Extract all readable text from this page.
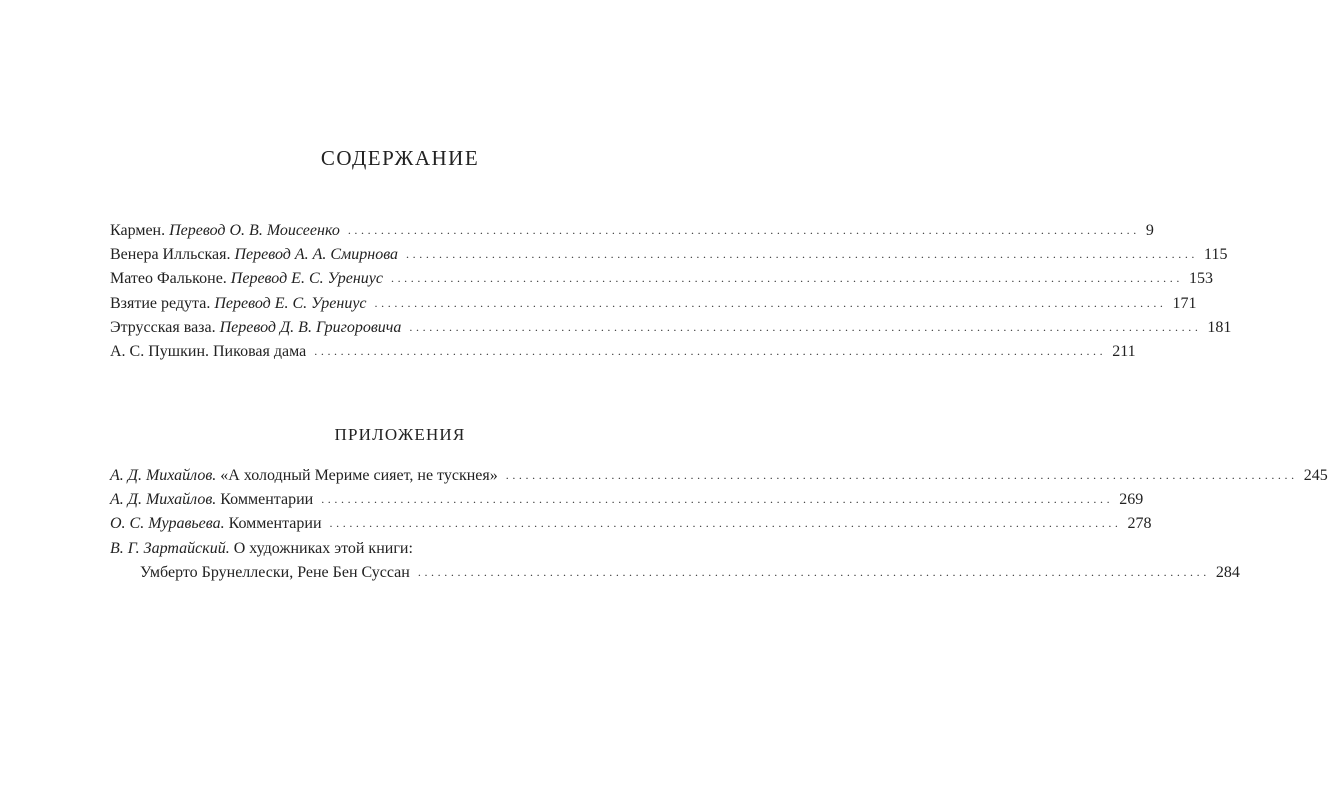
СОДЕРЖАНИЕ
Кармен. Перевод О. В. Моисеенко ........................................................................................................................ 9
Венера Илльская. Перевод А. А. Смирнова ........................................................................................................................ 115
Матео Фальконе. Перевод Е. С. Урениус ........................................................................................................................ 153
Взятие редута. Перевод Е. С. Урениус ........................................................................................................................ 171
Этрусская ваза. Перевод Д. В. Григоровича ........................................................................................................................ 181
А. С. Пушкин. Пиковая дама ........................................................................................................................ 211
ПРИЛОЖЕНИЯ
А. Д. Михайлов. «А холодный Мериме сияет, не тускнея» ........................................................................................................................ 245
А. Д. Михайлов. Комментарии ........................................................................................................................ 269
О. С. Муравьева. Комментарии ........................................................................................................................ 278
В. Г. Зартайский. О художниках этой книги:
Умберто Брунеллески, Рене Бен Суссан ........................................................................................................................ 284
